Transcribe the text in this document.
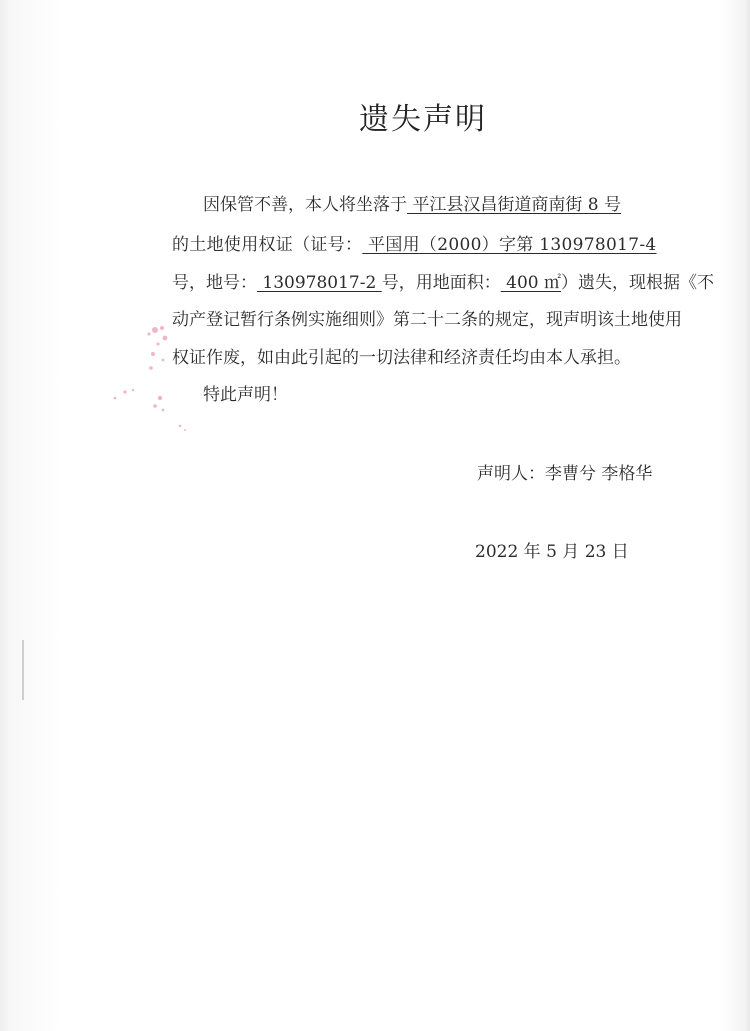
遗失声明
因保管不善，本人将坐落于 平江县汉昌街道商南街 8 号
的土地使用权证（证号： 平国用（2000）字第 130978017-4
号，地号： 130978017-2 号，用地面积： 400 ㎡）遗失，现根据《不
动产登记暂行条例实施细则》第二十二条的规定，现声明该土地使用
权证作废，如由此引起的一切法律和经济责任均由本人承担。
特此声明！
声明人：李曹兮 李格华
2022 年 5 月 23 日
